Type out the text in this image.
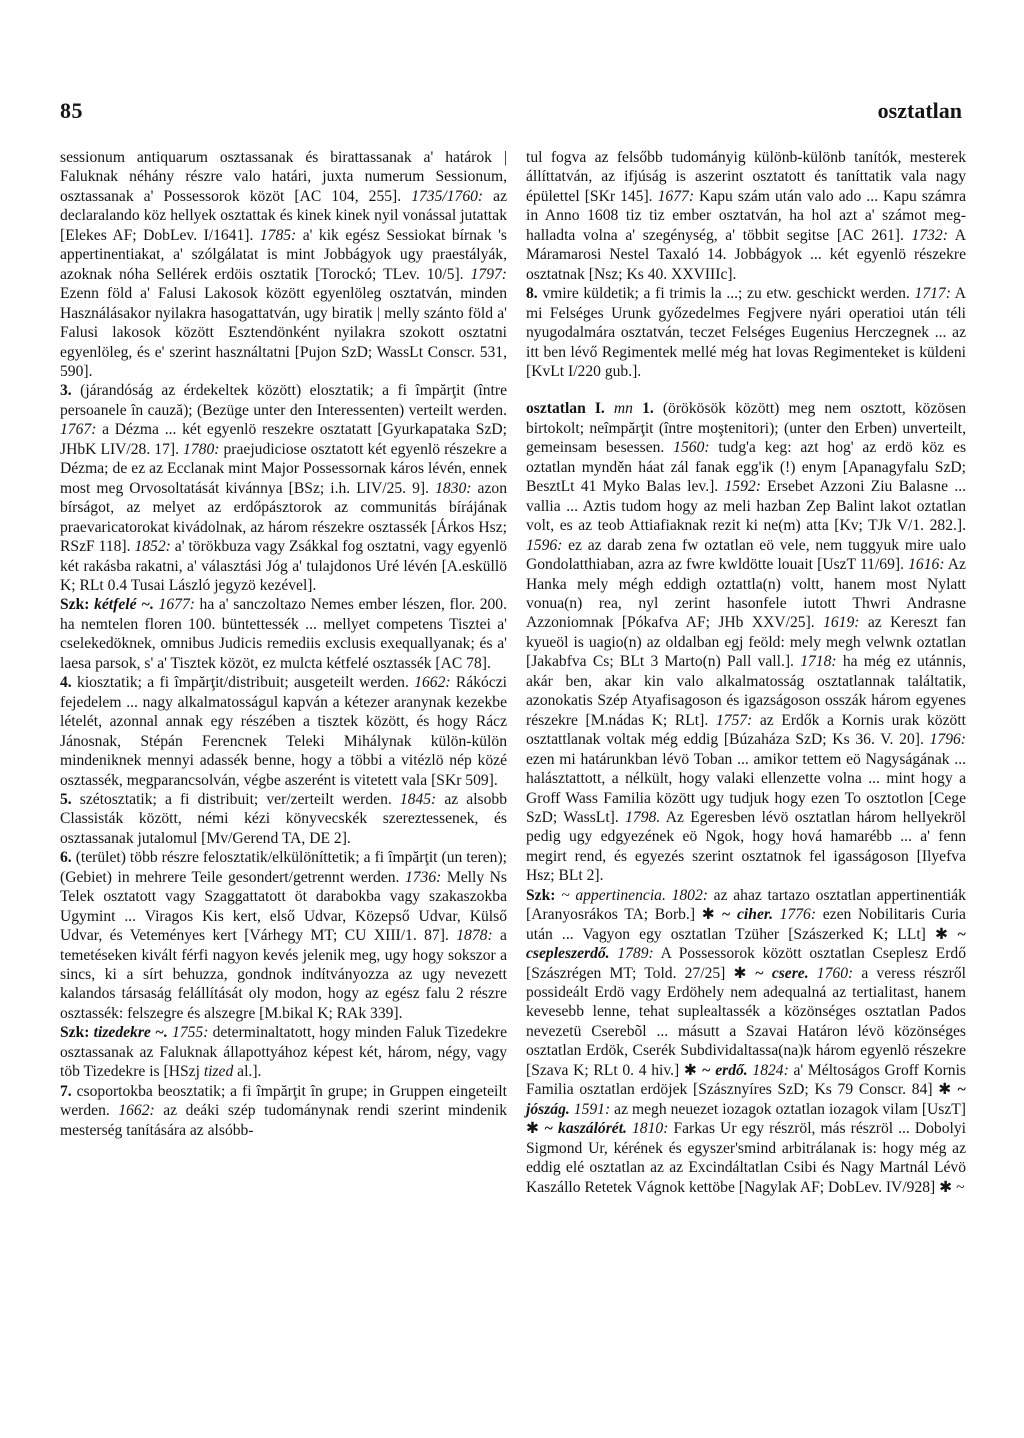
85	osztatlan

sessionum antiquarum osztassanak és birattassanak a' határok | Faluknak néhány részre valo határi, juxta numerum Sessionum, osztassanak a' Possessorok közöt [AC 104, 255]. 1735/1760: az declaralando köz hellyek osztattak és kinek kinek nyil vonással jutattak [Elekes AF; DobLev. I/1641]. 1785: a' kik egész Sessiokat bírnak 's appertinentiakat, a' szólgálatat is mint Jobbágyok ugy praestályák, azoknak nóha Sellérek erdöis osztatik [Torockó; TLev. 10/5]. 1797: Ezenn föld a' Falusi Lakosok között egyenlöleg osztatván, minden Használásakor nyilakra hasogattatván, ugy biratik | melly szánto föld a' Falusi lakosok között Esztendönként nyilakra szokott osztatni egyenlöleg, és e' szerint használtatni [Pujon SzD; WassLt Conscr. 531, 590].

3. (járandóság az érdekeltek között) elosztatik; a fi împărţit (între persoanele în cauză); (Bezüge unter den Interessenten) verteilt werden. 1767: a Dézma ... két egyenlö reszekre osztatatt [Gyurkapataka SzD; JHbK LIV/28. 17]. 1780: praejudiciose osztatott két egyenlö részekre a Dézma; de ez az Ecclanak mint Major Possessornak káros lévén, ennek most meg Orvosoltatását kivánnya [BSz; i.h. LIV/25. 9]. 1830: azon bírságot, az melyet az erdőpásztorok az communitás bírájának praevaricatorokat kivádolnak, az három részekre osztassék [Árkos Hsz; RSzF 118]. 1852: a' törökbuza vagy Zsákkal fog osztatni, vagy egyenlö két rakásba rakatni, a' választási Jóg a' tulajdonos Uré lévén [A.esküllö K; RLt 0.4 Tusai László jegyzö kezével].

Szk: kétfelé ~. 1677: ha a' sanczoltazo Nemes ember lészen, flor. 200. ha nemtelen floren 100. büntettessék ... mellyet competens Tisztei a' cselekedöknek, omnibus Judicis remediis exclusis exequallyanak; és a' laesa parsok, s' a' Tisztek közöt, ez mulcta kétfelé osztassék [AC 78].

4. kiosztatik; a fi împărţit/distribuit; ausgeteilt werden. 1662: Rákóczi fejedelem ... nagy alkalmatosságul kapván a kétezer aranynak kezekbe lételét, azonnal annak egy részében a tisztek között, és hogy Rácz Jánosnak, Stépán Ferencnek Teleki Mihálynak külön-külön mindeniknek mennyi adassék benne, hogy a többi a vitézlö nép közé osztassék, megparancsolván, végbe aszerént is vitetett vala [SKr 509].

5. szétosztatik; a fi distribuit; ver/zerteilt werden. 1845: az alsobb Classisták között, némi kézi könyvecskék szereztessenek, és osztassanak jutalomul [Mv/Gerend TA, DE 2].

6. (terület) több részre felosztatik/elkülöníttetik; a fi împărţit (un teren); (Gebiet) in mehrere Teile gesondert/getrennt werden. 1736: Melly Ns Telek osztatott vagy Szaggattatott öt darabokba vagy szakaszokba Ugymint ... Viragos Kis kert, első Udvar, Közepső Udvar, Külső Udvar, és Veteményes kert [Várhegy MT; CU XIII/1. 87]. 1878: a temetéseken kivált férfi nagyon kevés jelenik meg, ugy hogy sokszor a sincs, ki a sírt behuzza, gondnok indítványozza az ugy nevezett kalandos társaság felállítását oly modon, hogy az egész falu 2 részre osztassék: felszegre és alszegre [M.bikal K; RAk 339].

Szk: tizedekre ~. 1755: determinaltatott, hogy minden Faluk Tizedekre osztassanak az Faluknak állapottyához képest két, három, négy, vagy töb Tizedekre is [HSzj tized al.].

7. csoportokba beosztatik; a fi împărţit în grupe; in Gruppen eingeteilt werden. 1662: az deáki szép tudománynak rendi szerint mindenik mesterség tanítására az alsóbb-

tul fogva az felsőbb tudományig különb-különb tanítók, mesterek állíttatván, az ifjúság is aszerint osztatott és taníttatik vala nagy épülettel [SKr 145]. 1677: Kapu szám után valo ado ... Kapu számra in Anno 1608 tiz tiz ember osztatván, ha hol azt a' számot meg-halladta volna a' szegénység, a' többit segitse [AC 261]. 1732: A Máramarosi Nestel Taxaló 14. Jobbágyok ... két egyenlö részekre osztatnak [Nsz; Ks 40. XXVIIIc].

8. vmire küldetik; a fi trimis la ...; zu etw. geschickt werden. 1717: A mi Felséges Urunk győzedelmes Fegjvere nyári operatioi után téli nyugodalmára osztatván, teczet Felséges Eugenius Herczegnek ... az itt ben lévő Regimentek mellé még hat lovas Regimenteket is küldeni [KvLt I/220 gub.].

osztatlan I. mn 1. (örökösök között) meg nem osztott, közösen birtokolt; neîmpărţit (între moştenitori); (unter den Erben) unverteilt, gemeinsam besessen. 1560: tudg'a keg: azt hog' az erdö köz es oztatlan mynděn háat zál fanak egg'ik (!) enym [Apanagyfalu SzD; BesztLt 41 Myko Balas lev.]. 1592: Ersebet Azzoni Ziu Balasne ... vallia ... Aztis tudom hogy az meli hazban Zep Balint lakot oztatlan volt, es az teob Attiafiaknak rezit ki ne(m) atta [Kv; TJk V/1. 282.]. 1596: ez az darab zena fw oztatlan eö vele, nem tuggyuk mire ualo Gondolatthiaban, azra az fwre kwldötte louait [UszT 11/69]. 1616: Az Hanka mely mégh eddigh oztattla(n) voltt, hanem most Nylatt vonua(n) rea, nyl zerint hasonfele iutott Thwri Andrasne Azzoniomnak [Pókafva AF; JHb XXV/25]. 1619: az Kereszt fan kyueöl is uagio(n) az oldalban egj feöld: mely megh velwnk oztatlan [Jakabfva Cs; BLt 3 Marto(n) Pall vall.]. 1718: ha még ez utánnis, akár ben, akar kin valo alkalmatosság osztatlannak találtatik, azonokatis Szép Atyafisagoson és igazságoson osszák három egyenes részekre [M.nádas K; RLt]. 1757: az Erdők a Kornis urak között osztattlanak voltak még eddig [Búzaháza SzD; Ks 36. V. 20]. 1796: ezen mi határunkban lévö Toban ... amikor tettem eö Nagyságának ... halásztattott, a nélkült, hogy valaki ellenzette volna ... mint hogy a Groff Wass Familia között ugy tudjuk hogy ezen To osztotlon [Cege SzD; WassLt]. 1798. Az Egeresben lévö osztatlan három hellyekröl pedig ugy edgyezének eö Ngok, hogy hová hamarébb ... a' fenn megirt rend, és egyezés szerint osztatnok fel igasságoson [Ilyefva Hsz; BLt 2].

Szk: ~ appertinencia. 1802: az ahaz tartazo osztatlan appertinentiák [Aranyosrákos TA; Borb.] ✱ ~ ciher. 1776: ezen Nobilitaris Curia után ... Vagyon egy osztatlan Tzüher [Szászerked K; LLt] ✱ ~ csepleszerdő. 1789: A Possessorok között osztatlan Cseplesz Erdő [Szászrégen MT; Told. 27/25] ✱ ~ csere. 1760: a veress részről possideált Erdö vagy Erdöhely nem adequalná az tertialitast, hanem kevesebb lenne, tehat suplealtassék a közönséges osztatlan Pados nevezetü Cserebõl ... másutt a Szavai Határon lévö közönséges osztatlan Erdök, Cserék Subdividaltassa(na)k három egyenlö részekre [Szava K; RLt 0. 4 hiv.] ✱ ~ erdő. 1824: a' Méltoságos Groff Kornis Familia osztatlan erdöjek [Szásznyíres SzD; Ks 79 Conscr. 84] ✱ ~ jószág. 1591: az megh neuezet iozagok oztatlan iozagok vilam [UszT] ✱ ~ kaszálórét. 1810: Farkas Ur egy részröl, más részröl ... Dobolyi Sigmond Ur, kérének és egyszer'smind arbitrálanak is: hogy még az eddig elé osztatlan az az Excindáltatlan Csibi és Nagy Martnál Lévö Kaszállo Retetek Vágnok kettöbe [Nagylak AF; DobLev. IV/928] ✱ ~
